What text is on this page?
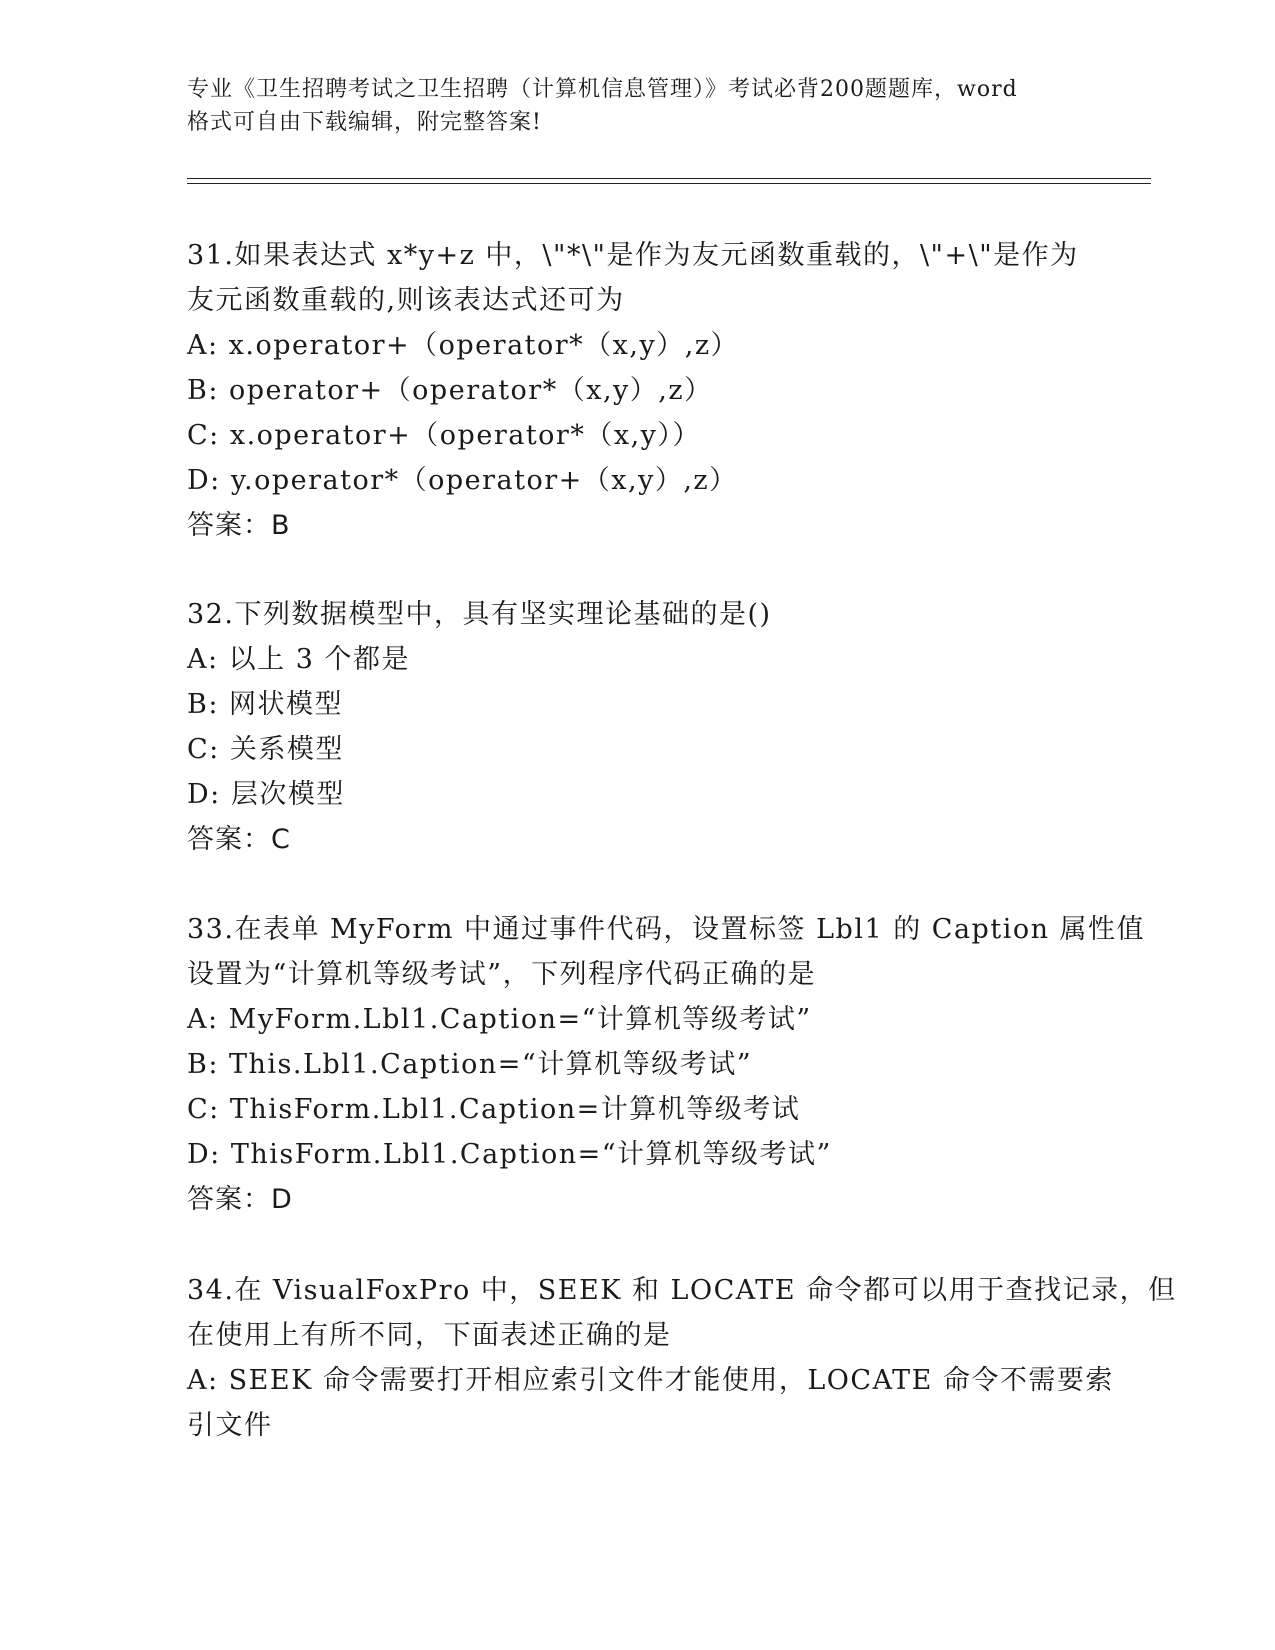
专业《卫生招聘考试之卫生招聘（计算机信息管理）》考试必背200题题库，word
格式可自由下载编辑，附完整答案!
31.如果表达式 x*y+z 中，\"*\"是作为友元函数重载的，\"+\"是作为
友元函数重载的,则该表达式还可为
A: x.operator+（operator*（x,y）,z）
B: operator+（operator*（x,y）,z）
C: x.operator+（operator*（x,y））
D: y.operator*（operator+（x,y）,z）
答案：B
32.下列数据模型中，具有坚实理论基础的是()
A: 以上 3 个都是
B: 网状模型
C: 关系模型
D: 层次模型
答案：C
33.在表单 MyForm 中通过事件代码，设置标签 Lbl1 的 Caption 属性值
设置为“计算机等级考试”，下列程序代码正确的是
A: MyForm.Lbl1.Caption=“计算机等级考试”
B: This.Lbl1.Caption=“计算机等级考试”
C: ThisForm.Lbl1.Caption=计算机等级考试
D: ThisForm.Lbl1.Caption=“计算机等级考试”
答案：D
34.在 VisualFoxPro 中，SEEK 和 LOCATE 命令都可以用于查找记录，但
在使用上有所不同，下面表述正确的是
A: SEEK 命令需要打开相应索引文件才能使用，LOCATE 命令不需要索
引文件
